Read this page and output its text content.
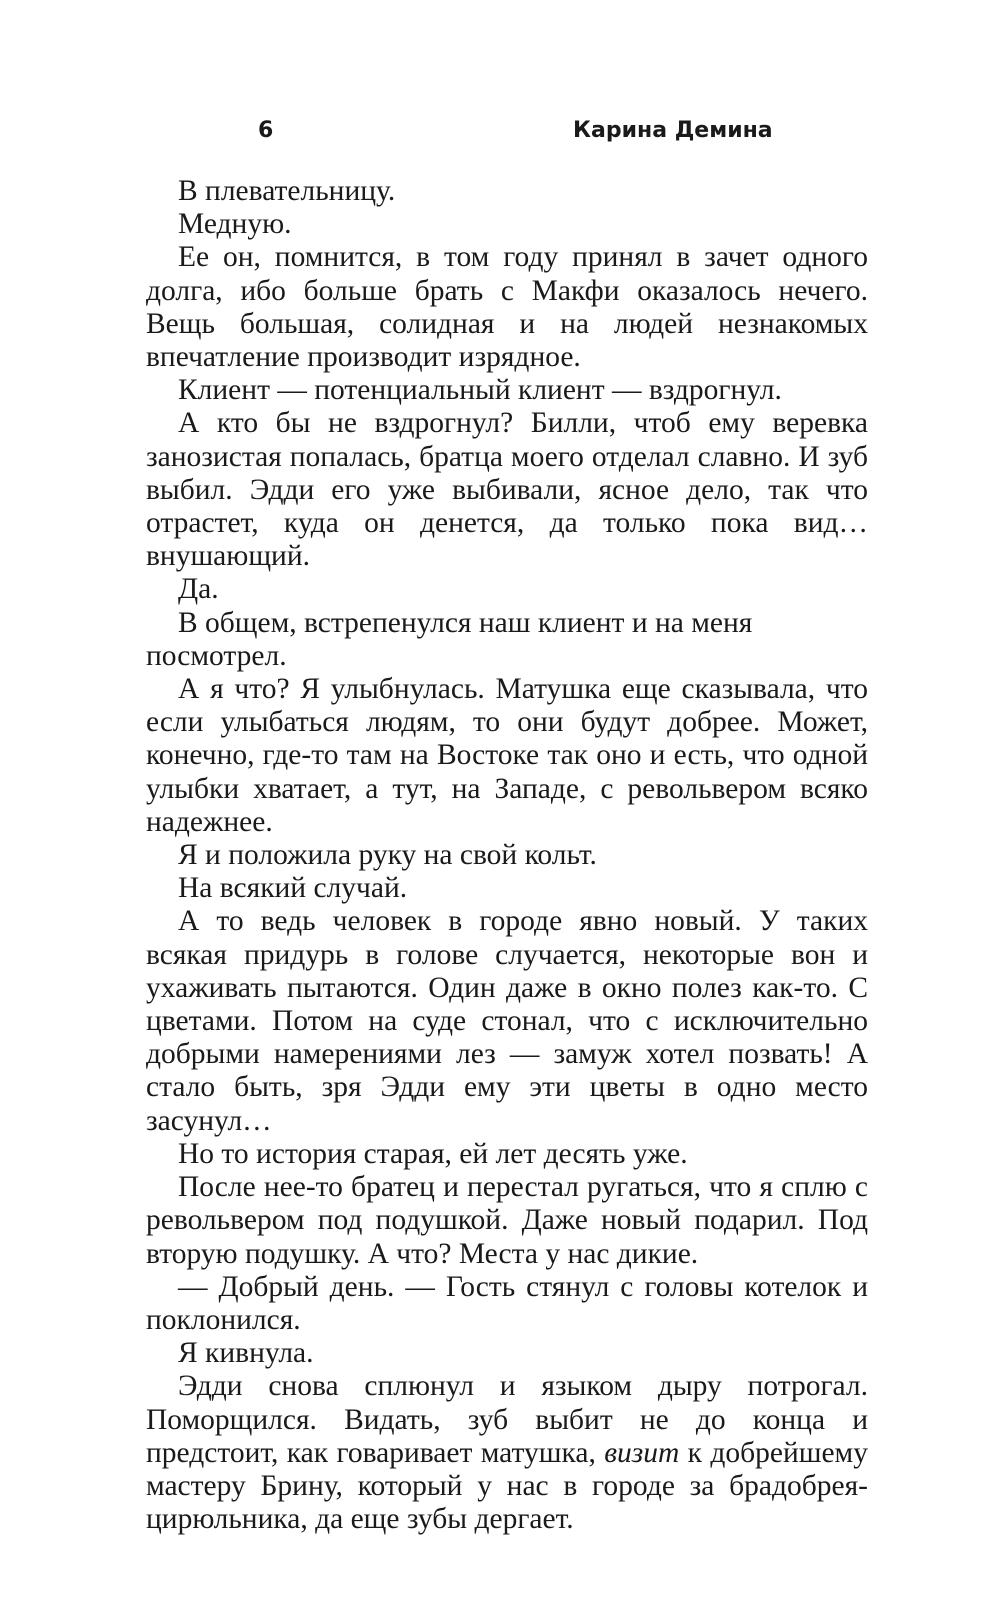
6	Карина Демина

В плевательницу.

Медную.

Ее он, помнится, в том году принял в зачет одного долга, ибо больше брать с Макфи оказалось нечего. Вещь большая, солидная и на людей незнакомых впечатление производит изрядное.

Клиент — потенциальный клиент — вздрогнул.

А кто бы не вздрогнул? Билли, чтоб ему веревка занозистая попалась, братца моего отделал славно. И зуб выбил. Эдди его уже выбивали, ясное дело, так что отрастет, куда он денется, да только пока вид… внушающий.

Да.

В общем, встрепенулся наш клиент и на меня посмотрел.

А я что? Я улыбнулась. Матушка еще сказывала, что если улыбаться людям, то они будут добрее. Может, конечно, где-то там на Востоке так оно и есть, что одной улыбки хватает, а тут, на Западе, с револьвером всяко надежнее.

Я и положила руку на свой кольт.

На всякий случай.

А то ведь человек в городе явно новый. У таких всякая придурь в голове случается, некоторые вон и ухаживать пытаются. Один даже в окно полез как-то. С цветами. Потом на суде стонал, что с исключительно добрыми намерениями лез — замуж хотел позвать! А стало быть, зря Эдди ему эти цветы в одно место засунул…

Но то история старая, ей лет десять уже.

После нее-то братец и перестал ругаться, что я сплю с револьвером под подушкой. Даже новый подарил. Под вторую подушку. А что? Места у нас дикие.

— Добрый день. — Гость стянул с головы котелок и поклонился.

Я кивнула.

Эдди снова сплюнул и языком дыру потрогал. Поморщился. Видать, зуб выбит не до конца и предстоит, как говаривает матушка, визит к добрейшему мастеру Брину, который у нас в городе за брадобрея-цирюльника, да еще зубы дергает.
